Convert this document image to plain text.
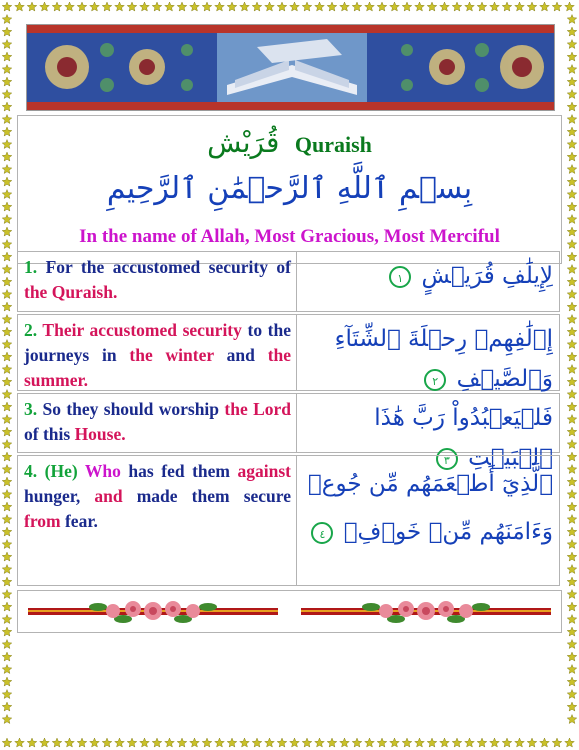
قُرَيْش Quraish
بِسۡمِ ٱللَّهِ ٱلرَّحۡمَٰنِ ٱلرَّحِيمِ
In the name of Allah, Most Gracious, Most Merciful
1. For the accustomed security of the Quraish.
لِإِيلَٰفِ قُرَيۡشٍ ١
2. Their accustomed security to the journeys in the winter and the summer.
إِۦلَٰفِهِمۡ رِحۡلَةَ ٱلشِّتَآءِ وَٱلصَّيۡفِ ٢
3. So they should worship the Lord of this House.
فَلۡيَعۡبُدُواْ رَبَّ هَٰذَا ٱلۡبَيۡتِ ٣
4. (He) Who has fed them against hunger, and made them secure from fear.
ٱلَّذِيٓ أَطۡعَمَهُم مِّن جُوعٖ وَءَامَنَهُم مِّنۡ خَوۡفِۭ ٤
